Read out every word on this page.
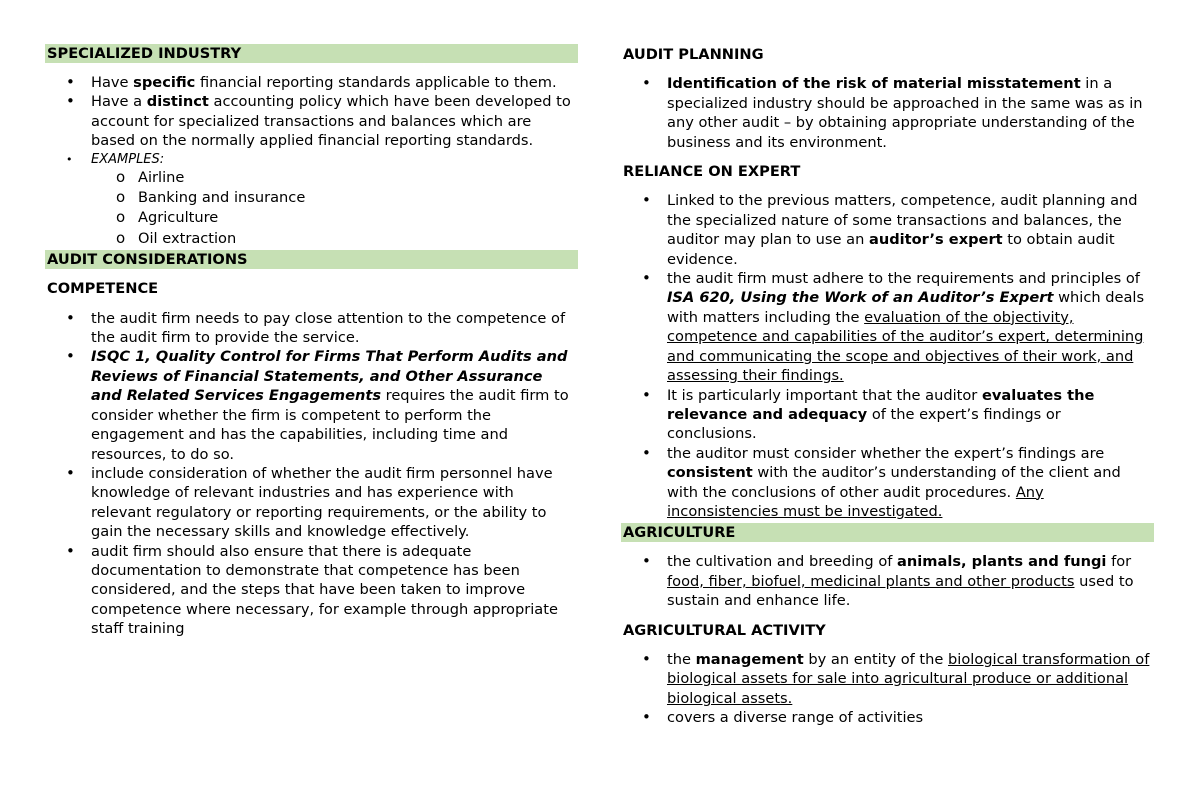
SPECIALIZED INDUSTRY
• Have specific financial reporting standards applicable to them.
• Have a distinct accounting policy which have been developed to account for specialized transactions and balances which are based on the normally applied financial reporting standards.
• EXAMPLES:
o Airline
o Banking and insurance
o Agriculture
o Oil extraction
AUDIT CONSIDERATIONS
COMPETENCE
• the audit firm needs to pay close attention to the competence of the audit firm to provide the service.
• ISQC 1, Quality Control for Firms That Perform Audits and Reviews of Financial Statements, and Other Assurance and Related Services Engagements requires the audit firm to consider whether the firm is competent to perform the engagement and has the capabilities, including time and resources, to do so.
• include consideration of whether the audit firm personnel have knowledge of relevant industries and has experience with relevant regulatory or reporting requirements, or the ability to gain the necessary skills and knowledge effectively.
• audit firm should also ensure that there is adequate documentation to demonstrate that competence has been considered, and the steps that have been taken to improve competence where necessary, for example through appropriate staff training
AUDIT PLANNING
• Identification of the risk of material misstatement in a specialized industry should be approached in the same was as in any other audit – by obtaining appropriate understanding of the business and its environment.
RELIANCE ON EXPERT
• Linked to the previous matters, competence, audit planning and the specialized nature of some transactions and balances, the auditor may plan to use an auditor’s expert to obtain audit evidence.
• the audit firm must adhere to the requirements and principles of ISA 620, Using the Work of an Auditor’s Expert which deals with matters including the evaluation of the objectivity, competence and capabilities of the auditor’s expert, determining and communicating the scope and objectives of their work, and assessing their findings.
• It is particularly important that the auditor evaluates the relevance and adequacy of the expert’s findings or conclusions.
• the auditor must consider whether the expert’s findings are consistent with the auditor’s understanding of the client and with the conclusions of other audit procedures. Any inconsistencies must be investigated.
AGRICULTURE
• the cultivation and breeding of animals, plants and fungi for food, fiber, biofuel, medicinal plants and other products used to sustain and enhance life.
AGRICULTURAL ACTIVITY
• the management by an entity of the biological transformation of biological assets for sale into agricultural produce or additional biological assets.
• covers a diverse range of activities
